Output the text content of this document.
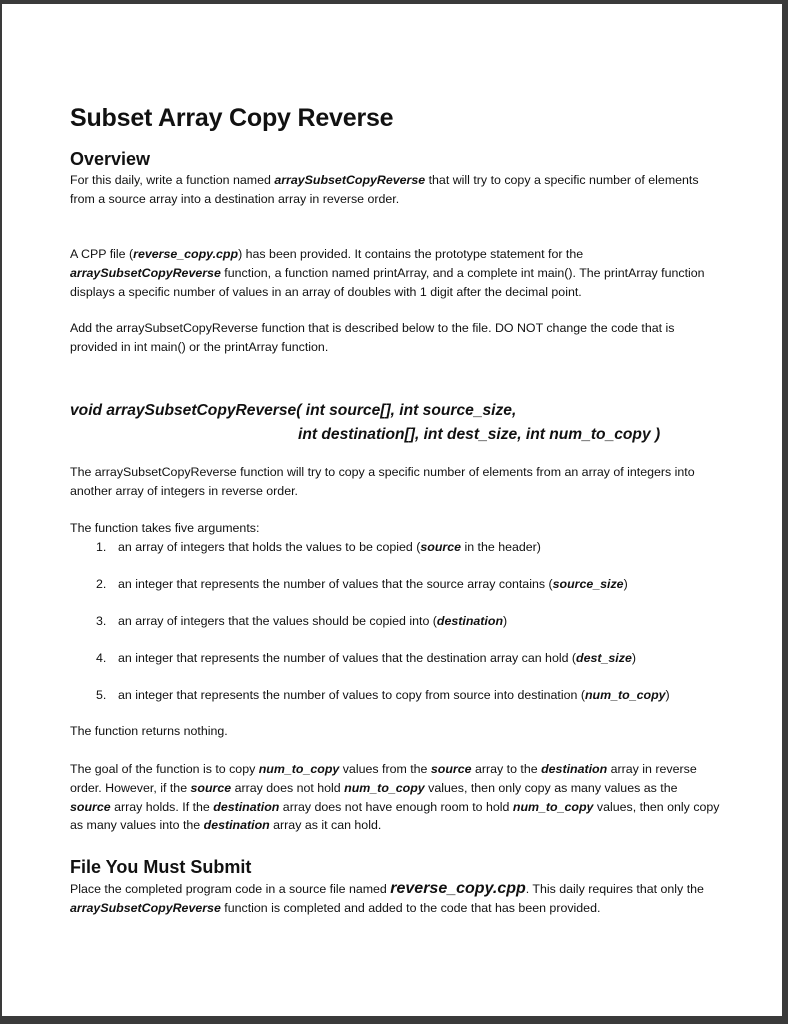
Subset Array Copy Reverse
Overview

For this daily, write a function named arraySubsetCopyReverse that will try to copy a specific number of elements from a source array into a destination array in reverse order.

A CPP file (reverse_copy.cpp) has been provided. It contains the prototype statement for the arraySubsetCopyReverse function, a function named printArray, and a complete int main(). The printArray function displays a specific number of values in an array of doubles with 1 digit after the decimal point.

Add the arraySubsetCopyReverse function that is described below to the file. DO NOT change the code that is provided in int main() or the printArray function.

void arraySubsetCopyReverse( int source[], int source_size,
int destination[], int dest_size, int num_to_copy )

The arraySubsetCopyReverse function will try to copy a specific number of elements from an array of integers into another array of integers in reverse order.

The function takes five arguments:

1. an array of integers that holds the values to be copied (source in the header)
2. an integer that represents the number of values that the source array contains (source_size)
3. an array of integers that the values should be copied into (destination)
4. an integer that represents the number of values that the destination array can hold (dest_size)
5. an integer that represents the number of values to copy from source into destination (num_to_copy)

The function returns nothing.

The goal of the function is to copy num_to_copy values from the source array to the destination array in reverse order. However, if the source array does not hold num_to_copy values, then only copy as many values as the source array holds. If the destination array does not have enough room to hold num_to_copy values, then only copy as many values into the destination array as it can hold.

File You Must Submit

Place the completed program code in a source file named reverse_copy.cpp. This daily requires that only the arraySubsetCopyReverse function is completed and added to the code that has been provided.
